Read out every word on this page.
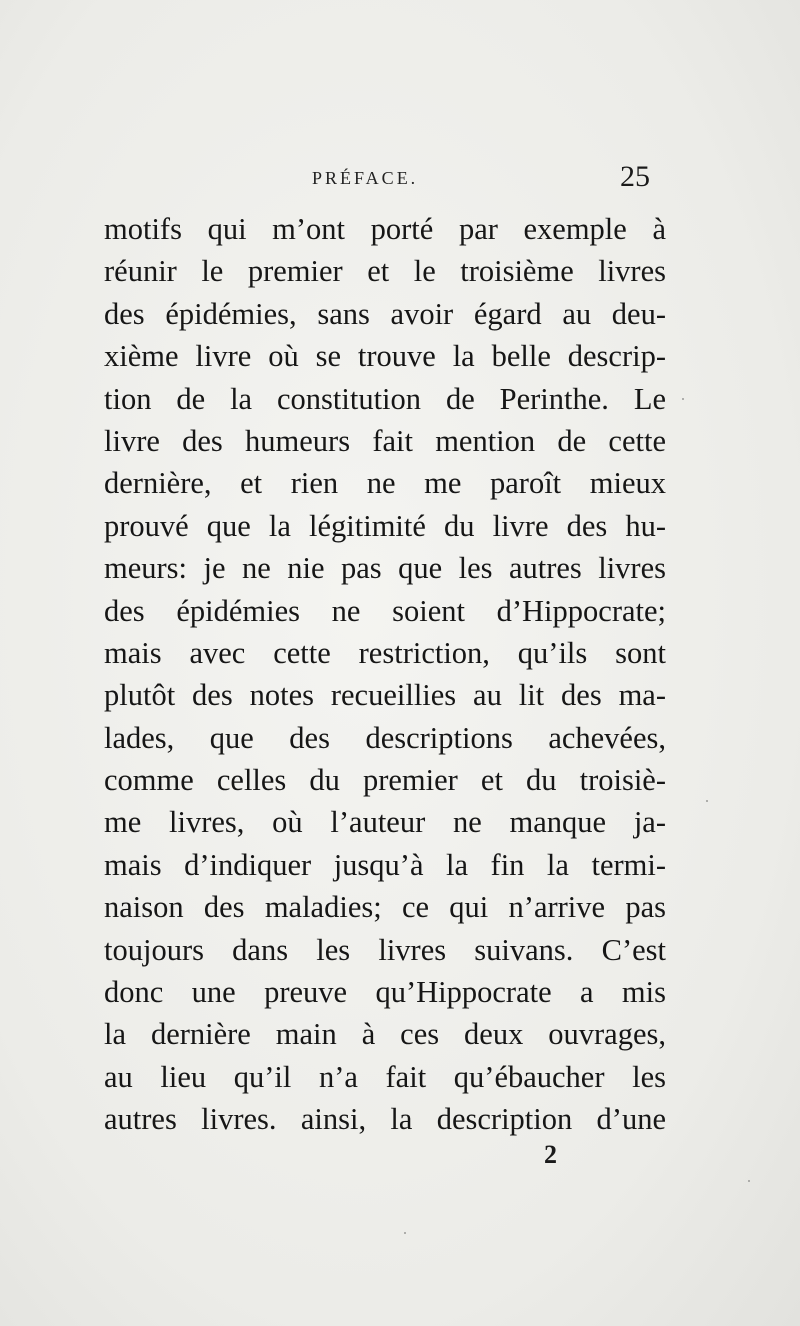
PRÉFACE.	25
motifs qui m’ont porté par exemple à
réunir le premier et le troisième livres
des épidémies, sans avoir égard au deu-
xième livre où se trouve la belle descrip-
tion de la constitution de Perinthe. Le
livre des humeurs fait mention de cette
dernière, et rien ne me paroît mieux
prouvé que la légitimité du livre des hu-
meurs: je ne nie pas que les autres livres
des épidémies ne soient d’Hippocrate;
mais avec cette restriction, qu’ils sont
plutôt des notes recueillies au lit des ma-
lades, que des descriptions achevées,
comme celles du premier et du troisiè-
me livres, où l’auteur ne manque ja-
mais d’indiquer jusqu’à la fin la termi-
naison des maladies; ce qui n’arrive pas
toujours dans les livres suivans. C’est
donc une preuve qu’Hippocrate a mis
la dernière main à ces deux ouvrages,
au lieu qu’il n’a fait qu’ébaucher les
autres livres. ainsi, la description d’une
2
